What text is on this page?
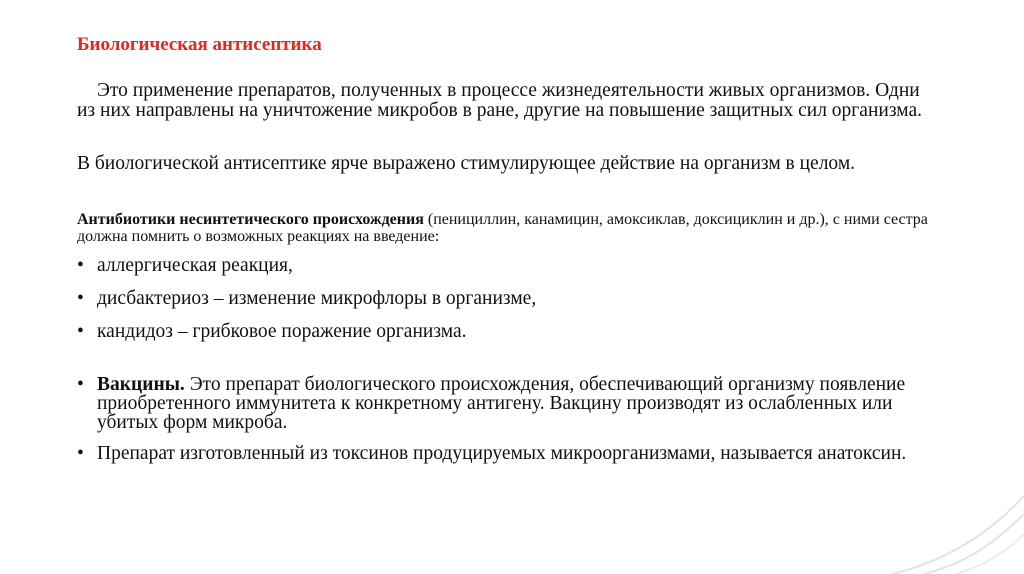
Биологическая антисептика
Это применение препаратов, полученных в процессе жизнедеятельности живых организмов. Одни из них направлены на уничтожение микробов в ране, другие на повышение защитных сил организма.
В биологической антисептике ярче выражено стимулирующее действие на организм в целом.
Антибиотики несинтетического происхождения (пенициллин, канамицин, амоксиклав, доксициклин и др.), с ними сестра должна помнить о возможных реакциях на введение:
• аллергическая реакция,
• дисбактериоз – изменение микрофлоры в организме,
• кандидоз – грибковое поражение организма.
• Вакцины. Это препарат биологического происхождения, обеспечивающий организму появление приобретенного иммунитета к конкретному антигену. Вакцину производят из ослабленных или убитых форм микроба.
• Препарат изготовленный из токсинов продуцируемых микроорганизмами, называется анатоксин.
